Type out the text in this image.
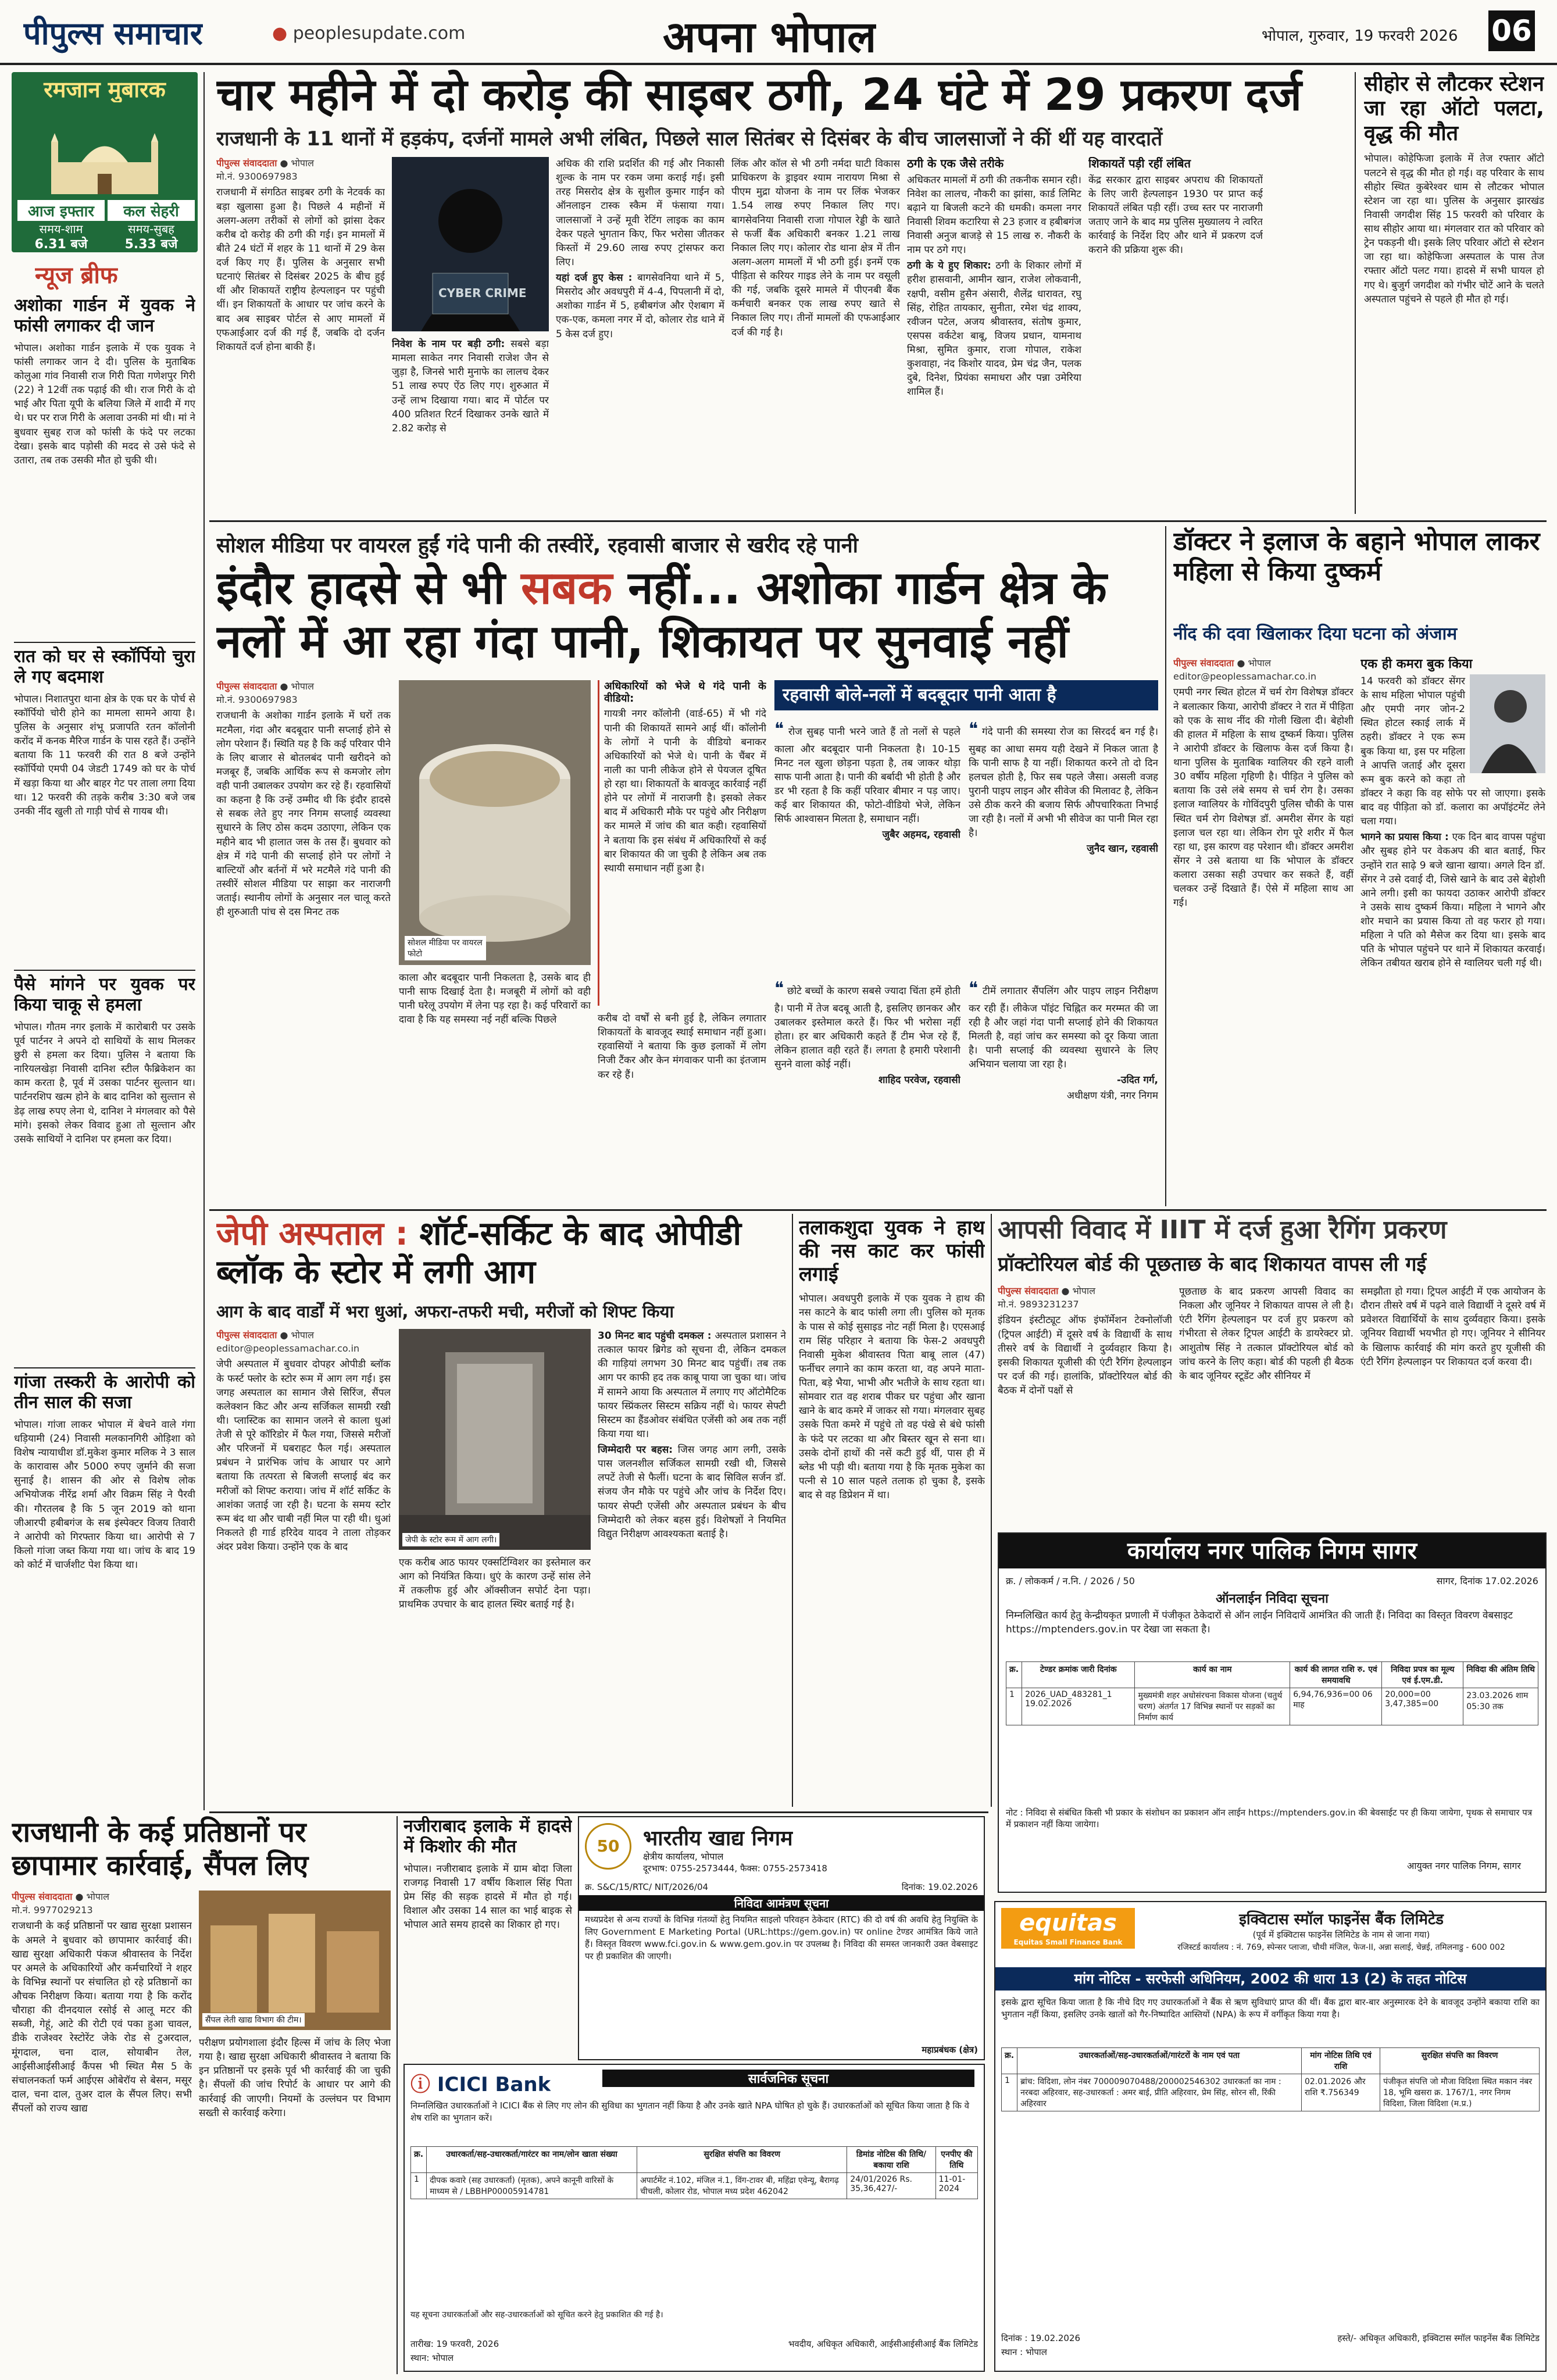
पीपुल्स समाचार	● peoplesupdate.com	अपना भोपाल	भोपाल, गुरुवार, 19 फरवरी 2026 06
रमजान मुबारक
आज इफ्तार	कल सेहरी
समय-शाम	समय-सुबह
6.31 बजे	5.33 बजे
न्यूज ब्रीफ
अशोका गार्डन में युवक ने फांसी लगाकर दी जान

भोपाल। अशोका गार्डन इलाके में एक युवक ने फांसी लगाकर जान दे दी। पुलिस के मुताबिक कोलुआ गांव निवासी राज गिरी पिता गणेशपुर गिरी (22) ने 12वीं तक पढ़ाई की थी। राज गिरी के दो भाई और पिता यूपी के बलिया जिले में शादी में गए थे। घर पर राज गिरी के अलावा उनकी मां थी। मां ने बुधवार सुबह राज को फांसी के फंदे पर लटका देखा। इसके बाद पड़ोसी की मदद से उसे फंदे से उतारा, तब तक उसकी मौत हो चुकी थी।

रात को घर से स्कॉर्पियो चुरा ले गए बदमाश

भोपाल। निशातपुरा थाना क्षेत्र के एक घर के पोर्च से स्कॉर्पियो चोरी होने का मामला सामने आया है। पुलिस के अनुसार शंभू प्रजापति रतन कॉलोनी करोंद में कनक मैरिज गार्डन के पास रहते हैं। उन्होंने बताया कि 11 फरवरी की रात 8 बजे उन्होंने स्कॉर्पियो एमपी 04 जेडटी 1749 को घर के पोर्च में खड़ा किया था और बाहर गेट पर ताला लगा दिया था। 12 फरवरी की तड़के करीब 3:30 बजे जब उनकी नींद खुली तो गाड़ी पोर्च से गायब थी।

पैसे मांगने पर युवक पर किया चाकू से हमला

भोपाल। गौतम नगर इलाके में कारोबारी पर उसके पूर्व पार्टनर ने अपने दो साथियों के साथ मिलकर छुरी से हमला कर दिया। पुलिस ने बताया कि नारियलखेड़ा निवासी दानिश स्टील फैब्रिकेशन का काम करता है, पूर्व में उसका पार्टनर सुल्तान था। पार्टनरशिप खत्म होने के बाद दानिश को सुल्तान से डेढ़ लाख रुपए लेना थे, दानिश ने मंगलवार को पैसे मांगे। इसको लेकर विवाद हुआ तो सुल्तान और उसके साथियों ने दानिश पर हमला कर दिया।

गांजा तस्करी के आरोपी को तीन साल की सजा

भोपाल। गांजा लाकर भोपाल में बेचने वाले गंगा धड़ियामी (24) निवासी मलकानगिरी ओड़िशा को विशेष न्यायाधीश डॉ.मुकेश कुमार मलिक ने 3 साल के कारावास और 5000 रुपए जुर्माने की सजा सुनाई है। शासन की ओर से विशेष लोक अभियोजक नीरेंद्र शर्मा और विक्रम सिंह ने पैरवी की। गौरतलब है कि 5 जून 2019 को थाना जीआरपी हबीबगंज के सब इंस्पेक्टर विजय तिवारी ने आरोपी को गिरफ्तार किया था। आरोपी से 7 किलो गांजा जब्त किया गया था। जांच के बाद 19 को कोर्ट में चार्जशीट पेश किया था।

चार महीने में दो करोड़ की साइबर ठगी, 24 घंटे में 29 प्रकरण दर्ज
राजधानी के 11 थानों में हड़कंप, दर्जनों मामले अभी लंबित, पिछले साल सितंबर से दिसंबर के बीच जालसाजों ने कीं थीं यह वारदातें
पीपुल्स संवाददाता ● भोपाल
मो.नं. 9300697983

राजधानी में संगठित साइबर ठगी के नेटवर्क का बड़ा खुलासा हुआ है। पिछले 4 महीनों में अलग-अलग तरीकों से लोगों को झांसा देकर करीब दो करोड़ की ठगी की गई। इन मामलों में बीते 24 घंटों में शहर के 11 थानों में 29 केस दर्ज किए गए हैं। पुलिस के अनुसार सभी घटनाएं सितंबर से दिसंबर 2025 के बीच हुई थीं और शिकायतें राष्ट्रीय हेल्पलाइन पर पहुंची थीं। इन शिकायतों के आधार पर जांच करने के बाद अब साइबर पोर्टल से आए मामलों में एफआईआर दर्ज की गई हैं, जबकि दो दर्जन शिकायतें दर्ज होना बाकी हैं।

CYBER CRIME

निवेश के नाम पर बड़ी ठगी: सबसे बड़ा मामला साकेत नगर निवासी राजेश जैन से जुड़ा है, जिनसे भारी मुनाफे का लालच देकर 51 लाख रुपए ऐंठ लिए गए। शुरुआत में उन्हें लाभ दिखाया गया। बाद में पोर्टल पर 400 प्रतिशत रिटर्न दिखाकर उनके खाते में 2.82 करोड़ से

अधिक की राशि प्रदर्शित की गई और निकासी शुल्क के नाम पर रकम जमा कराई गई। इसी तरह मिसरोद क्षेत्र के सुशील कुमार गाईन को ऑनलाइन टास्क स्कैम में फंसाया गया। जालसाजों ने उन्हें मूवी रेटिंग लाइक का काम देकर पहले भुगतान किए, फिर भरोसा जीतकर किस्तों में 29.60 लाख रुपए ट्रांसफर करा लिए।

यहां दर्ज हुए केस : बागसेवनिया थाने में 5, मिसरोद और अवधपुरी में 4-4, पिपलानी में दो, अशोका गार्डन में 5, हबीबगंज और ऐशबाग में एक-एक, कमला नगर में दो, कोलार रोड थाने में 5 केस दर्ज हुए।

लिंक और कॉल से भी ठगी नर्मदा घाटी विकास प्राधिकरण के ड्राइवर श्याम नारायण मिश्रा से पीएम मुद्रा योजना के नाम पर लिंक भेजकर 1.54 लाख रुपए निकाल लिए गए। बागसेवनिया निवासी राजा गोपाल रेड्डी के खाते से फर्जी बैंक अधिकारी बनकर 1.21 लाख निकाल लिए गए। कोलार रोड थाना क्षेत्र में तीन अलग-अलग मामलों में भी ठगी हुई। इनमें एक पीड़िता से करियर गाइड लेने के नाम पर वसूली की गई, जबकि दूसरे मामले में पीएनबी बैंक कर्मचारी बनकर एक लाख रुपए खाते से निकाल लिए गए। तीनों मामलों की एफआईआर दर्ज की गई है।

ठगी के एक जैसे तरीके

अधिकतर मामलों में ठगी की तकनीक समान रही। निवेश का लालच, नौकरी का झांसा, कार्ड लिमिट बढ़ाने या बिजली कटने की धमकी। कमला नगर निवासी शिवम कटारिया से 23 हजार व हबीबगंज निवासी अनुज बाजड़े से 15 लाख रु. नौकरी के नाम पर ठगे गए।

ठगी के ये हुए शिकार: ठगी के शिकार लोगों में हरीश हासवानी, आमीन खान, राजेश लोकवानी, रक्षपी, वसीम हुसैन अंसारी, शैलेंद्र धारावत, रघु सिंह, रोहित तायकार, सुनीता, रमेश चंद्र शाक्य, रवीजन पटेल, अजय श्रीवास्तव, संतोष कुमार, एसपस वर्कटेश बाबू, विजय प्रधान, यामनाथ मिश्रा, सुमित कुमार, राजा गोपाल, राकेश कुशवाहा, नंद किशोर यादव, प्रेम चंद्र जैन, पलक दुबे, दिनेश, प्रियंका समाधरा और पन्ना उमेरिया शामिल हैं।

शिकायतें पड़ी रहीं लंबित

केंद्र सरकार द्वारा साइबर अपराध की शिकायतों के लिए जारी हेल्पलाइन 1930 पर प्राप्त कई शिकायतें लंबित पड़ी रहीं। उच्च स्तर पर नाराजगी जताए जाने के बाद मप्र पुलिस मुख्यालय ने त्वरित कार्रवाई के निर्देश दिए और थाने में प्रकरण दर्ज कराने की प्रक्रिया शुरू की।

सीहोर से लौटकर स्टेशन जा रहा ऑटो पलटा, वृद्ध की मौत

भोपाल। कोहेफिजा इलाके में तेज रफ्तार ऑटो पलटने से वृद्ध की मौत हो गई। वह परिवार के साथ सीहोर स्थित कुबेरेश्वर धाम से लौटकर भोपाल स्टेशन जा रहा था। पुलिस के अनुसार झारखंड निवासी जगदीश सिंह 15 फरवरी को परिवार के साथ सीहोर आया था। मंगलवार रात को परिवार को ट्रेन पकड़नी थी। इसके लिए परिवार ऑटो से स्टेशन जा रहा था। कोहेफिजा अस्पताल के पास तेज रफ्तार ऑटो पलट गया। हादसे में सभी घायल हो गए थे। बुजुर्ग जगदीश को गंभीर चोटें आने के चलते अस्पताल पहुंचने से पहले ही मौत हो गई।

सोशल मीडिया पर वायरल हुईं गंदे पानी की तस्वीरें, रहवासी बाजार से खरीद रहे पानी
इंदौर हादसे से भी सबक नहीं... अशोका गार्डन क्षेत्र के नलों में आ रहा गंदा पानी, शिकायत पर सुनवाई नहीं
पीपुल्स संवाददाता ● भोपाल
मो.नं. 9300697983

राजधानी के अशोका गार्डन इलाके में घरों तक मटमैला, गंदा और बदबूदार पानी सप्लाई होने से लोग परेशान हैं। स्थिति यह है कि कई परिवार पीने के लिए बाजार से बोतलबंद पानी खरीदने को मजबूर हैं, जबकि आर्थिक रूप से कमजोर लोग वही पानी उबालकर उपयोग कर रहे हैं। रहवासियों का कहना है कि उन्हें उम्मीद थी कि इंदौर हादसे से सबक लेते हुए नगर निगम सप्लाई व्यवस्था सुधारने के लिए ठोस कदम उठाएगा, लेकिन एक महीने बाद भी हालात जस के तस हैं। बुधवार को क्षेत्र में गंदे पानी की सप्लाई होने पर लोगों ने बाल्टियों और बर्तनों में भरे मटमैले गंदे पानी की तस्वीरें सोशल मीडिया पर साझा कर नाराजगी जताई। स्थानीय लोगों के अनुसार नल चालू करते ही शुरुआती पांच से दस मिनट तक

सोशल मीडिया पर वायरल फोटो

काला और बदबूदार पानी निकलता है, उसके बाद ही पानी साफ दिखाई देता है। मजबूरी में लोगों को वही पानी घरेलू उपयोग में लेना पड़ रहा है। कई परिवारों का दावा है कि यह समस्या नई नहीं बल्कि पिछले

अधिकारियों को भेजे थे गंदे पानी के वीडियो:

गायत्री नगर कॉलोनी (वार्ड-65) में भी गंदे पानी की शिकायतें सामने आई थीं। कॉलोनी के लोगों ने पानी के वीडियो बनाकर अधिकारियों को भेजे थे। पानी के चैंबर में नाली का पानी लीकेज होने से पेयजल दूषित हो रहा था। शिकायतों के बावजूद कार्रवाई नहीं होने पर लोगों में नाराजगी है। इसको लेकर बाद में अधिकारी मौके पर पहुंचे और निरीक्षण कर मामले में जांच की बात कही। रहवासियों ने बताया कि इस संबंध में अधिकारियों से कई बार शिकायत की जा चुकी है लेकिन अब तक स्थायी समाधान नहीं हुआ है।

करीब दो वर्षों से बनी हुई है, लेकिन लगातार शिकायतों के बावजूद स्थाई समाधान नहीं हुआ। रहवासियों ने बताया कि कुछ इलाकों में लोग निजी टैंकर और केन मंगवाकर पानी का इंतजाम कर रहे हैं।

रहवासी बोले-नलों में बदबूदार पानी आता है

❝ रोज सुबह पानी भरने जाते हैं तो नलों से पहले काला और बदबूदार पानी निकलता है। 10-15 मिनट नल खुला छोड़ना पड़ता है, तब जाकर थोड़ा साफ पानी आता है। पानी की बर्बादी भी होती है और डर भी रहता है कि कहीं परिवार बीमार न पड़ जाए। कई बार शिकायत की, फोटो-वीडियो भेजे, लेकिन सिर्फ आश्वासन मिलता है, समाधान नहीं।

जुबैर अहमद, रहवासी

❝ छोटे बच्चों के कारण सबसे ज्यादा चिंता हमें होती है। पानी में तेज बदबू आती है, इसलिए छानकर और उबालकर इस्तेमाल करते हैं। फिर भी भरोसा नहीं होता। हर बार अधिकारी कहते हैं टीम भेज रहे हैं, लेकिन हालात वही रहते हैं। लगता है हमारी परेशानी सुनने वाला कोई नहीं।

शाहिद परवेज, रहवासी

❝ गंदे पानी की समस्या रोज का सिरदर्द बन गई है। सुबह का आधा समय यही देखने में निकल जाता है कि पानी साफ है या नहीं। शिकायत करने तो दो दिन हलचल होती है, फिर सब पहले जैसा। असली वजह पुरानी पाइप लाइन और सीवेज की मिलावट है, लेकिन उसे ठीक करने की बजाय सिर्फ औपचारिकता निभाई जा रही है। नलों में अभी भी सीवेज का पानी मिल रहा है।

जुनैद खान, रहवासी

❝ टीमें लगातार सैंपलिंग और पाइप लाइन निरीक्षण कर रही हैं। लीकेज पॉइंट चिह्नित कर मरम्मत की जा रही है और जहां गंदा पानी सप्लाई होने की शिकायत मिलती है, वहां जांच कर समस्या को दूर किया जाता है। पानी सप्लाई की व्यवस्था सुधारने के लिए अभियान चलाया जा रहा है।

-उदित गर्ग,

अधीक्षण यंत्री, नगर निगम

डॉक्टर ने इलाज के बहाने भोपाल लाकर महिला से किया दुष्कर्म
नींद की दवा खिलाकर दिया घटना को अंजाम
पीपुल्स संवाददाता ● भोपाल
editor@peoplessamachar.co.in

एमपी नगर स्थित होटल में चर्म रोग विशेषज्ञ डॉक्टर ने बलात्कार किया, आरोपी डॉक्टर ने रात में पीड़िता को एक के साथ नींद की गोली खिला दी। बेहोशी की हालत में महिला के साथ दुष्कर्म किया। पुलिस ने आरोपी डॉक्टर के खिलाफ केस दर्ज किया है। थाना पुलिस के मुताबिक ग्वालियर की रहने वाली 30 वर्षीय महिला गृहिणी है। पीड़ित ने पुलिस को बताया कि उसे लंबे समय से चर्म रोग है। उसका इलाज ग्वालियर के गोविंदपुरी पुलिस चौकी के पास स्थित चर्म रोग विशेषज्ञ डॉ. अमरीश सेंगर के यहां इलाज चल रहा था। लेकिन रोग पूरे शरीर में फैल रहा था, इस कारण वह परेशान थी। डॉक्टर अमरीश सेंगर ने उसे बताया था कि भोपाल के डॉक्टर कलारा उसका सही उपचार कर सकते हैं, वहीं चलकर उन्हें दिखाते हैं। ऐसे में महिला साथ आ गई।

एक ही कमरा बुक किया

14 फरवरी को डॉक्टर सेंगर के साथ महिला भोपाल पहुंची और एमपी नगर जोन-2 स्थित होटल स्काई लार्क में ठहरी। डॉक्टर ने एक रूम बुक किया था, इस पर महिला ने आपत्ति जताई और दूसरा रूम बुक करने को कहा तो डॉक्टर ने कहा कि वह सोफे पर सो जाएगा। इसके बाद वह पीड़िता को डॉ. कलारा का अपॉइंटमेंट लेने चला गया।

भागने का प्रयास किया : एक दिन बाद वापस पहुंचा और सुबह होने पर वेकअप की बात बताई, फिर उन्होंने रात साढ़े 9 बजे खाना खाया। अगले दिन डॉ. सेंगर ने उसे दवाई दी, जिसे खाने के बाद उसे बेहोशी आने लगी। इसी का फायदा उठाकर आरोपी डॉक्टर ने उसके साथ दुष्कर्म किया। महिला ने भागने और शोर मचाने का प्रयास किया तो वह फरार हो गया। महिला ने पति को मैसेज कर दिया था। इसके बाद पति के भोपाल पहुंचने पर थाने में शिकायत करवाई। लेकिन तबीयत खराब होने से ग्वालियर चली गई थी।

जेपी अस्पताल : शॉर्ट-सर्किट के बाद ओपीडी ब्लॉक के स्टोर में लगी आग
आग के बाद वार्डों में भरा धुआं, अफरा-तफरी मची, मरीजों को शिफ्ट किया
पीपुल्स संवाददाता ● भोपाल
editor@peoplessamachar.co.in

जेपी अस्पताल में बुधवार दोपहर ओपीडी ब्लॉक के फर्स्ट फ्लोर के स्टोर रूम में आग लग गई। इस जगह अस्पताल का सामान जैसे सिरिंज, सैंपल कलेक्शन किट और अन्य सर्जिकल सामग्री रखी थी। प्लास्टिक का सामान जलने से काला धुआं तेजी से पूरे कॉरिडोर में फैल गया, जिससे मरीजों और परिजनों में घबराहट फैल गई। अस्पताल प्रबंधन ने प्रारंभिक जांच के आधार पर आगे बताया कि तत्परता से बिजली सप्लाई बंद कर मरीजों को शिफ्ट कराया। जांच में शॉर्ट सर्किट के आशंका जताई जा रही है। घटना के समय स्टोर रूम बंद था और चाबी नहीं मिल पा रही थी। धुआं निकलते ही गार्ड हरिदेव यादव ने ताला तोड़कर अंदर प्रवेश किया। उन्होंने एक के बाद

जेपी के स्टोर रूम में आग लगी।

एक करीब आठ फायर एक्सटिंग्विशर का इस्तेमाल कर आग को नियंत्रित किया। धुएं के कारण उन्हें सांस लेने में तकलीफ हुई और ऑक्सीजन सपोर्ट देना पड़ा। प्राथमिक उपचार के बाद हालत स्थिर बताई गई है।

30 मिनट बाद पहुंची दमकल : अस्पताल प्रशासन ने तत्काल फायर ब्रिगेड को सूचना दी, लेकिन दमकल की गाड़ियां लगभग 30 मिनट बाद पहुंचीं। तब तक आग पर काफी हद तक काबू पाया जा चुका था। जांच में सामने आया कि अस्पताल में लगाए गए ऑटोमैटिक फायर स्प्रिंकलर सिस्टम सक्रिय नहीं थे। फायर सेफ्टी सिस्टम का हैंडओवर संबंधित एजेंसी को अब तक नहीं किया गया था।

जिम्मेदारी पर बहस: जिस जगह आग लगी, उसके पास जलनशील सर्जिकल सामग्री रखी थी, जिससे लपटें तेजी से फैलीं। घटना के बाद सिविल सर्जन डॉ. संजय जैन मौके पर पहुंचे और जांच के निर्देश दिए। फायर सेफ्टी एजेंसी और अस्पताल प्रबंधन के बीच जिम्मेदारी को लेकर बहस हुई। विशेषज्ञों ने नियमित विद्युत निरीक्षण आवश्यकता बताई है।

तलाकशुदा युवक ने हाथ की नस काट कर फांसी लगाई

भोपाल। अवधपुरी इलाके में एक युवक ने हाथ की नस काटने के बाद फांसी लगा ली। पुलिस को मृतक के पास से कोई सुसाइड नोट नहीं मिला है। एएसआई राम सिंह परिहार ने बताया कि फेस-2 अवधपुरी निवासी मुकेश श्रीवास्तव पिता बाबू लाल (47) फर्नीचर लगाने का काम करता था, वह अपने माता-पिता, बड़े भैया, भाभी और भतीजे के साथ रहता था। सोमवार रात वह शराब पीकर घर पहुंचा और खाना खाने के बाद कमरे में जाकर सो गया। मंगलवार सुबह उसके पिता कमरे में पहुंचे तो वह पंखे से बंधे फांसी के फंदे पर लटका था और बिस्तर खून से सना था। उसके दोनों हाथों की नसें कटी हुई थीं, पास ही में ब्लेड भी पड़ी थी। बताया गया है कि मृतक मुकेश का पत्नी से 10 साल पहले तलाक हो चुका है, इसके बाद से वह डिप्रेशन में था।

आपसी विवाद में IIIT में दर्ज हुआ रैगिंग प्रकरण
प्रॉक्टोरियल बोर्ड की पूछताछ के बाद शिकायत वापस ली गई
पीपुल्स संवाददाता ● भोपाल
मो.नं. 9893231237

इंडियन इंस्टीट्यूट ऑफ इंफॉर्मेशन टेक्नोलॉजी (ट्रिपल आईटी) में दूसरे वर्ष के विद्यार्थी के साथ तीसरे वर्ष के विद्यार्थी ने दुर्व्यवहार किया है। इसकी शिकायत यूजीसी की एंटी रैगिंग हेल्पलाइन पर दर्ज की गई। हालांकि, प्रॉक्टोरियल बोर्ड की बैठक में दोनों पक्षों से

पूछताछ के बाद प्रकरण आपसी विवाद का निकला और जूनियर ने शिकायत वापस ले ली है। एंटी रैगिंग हेल्पलाइन पर दर्ज हुए प्रकरण को गंभीरता से लेकर ट्रिपल आईटी के डायरेक्टर प्रो. आशुतोष सिंह ने तत्काल प्रॉक्टोरियल बोर्ड को जांच करने के लिए कहा। बोर्ड की पहली ही बैठक के बाद जूनियर स्टूडेंट और सीनियर में

समझौता हो गया। ट्रिपल आईटी में एक आयोजन के दौरान तीसरे वर्ष में पढ़ने वाले विद्यार्थी ने दूसरे वर्ष में प्रवेशरत विद्यार्थियों के साथ दुर्व्यवहार किया। इसके जूनियर विद्यार्थी भयभीत हो गए। जूनियर ने सीनियर के खिलाफ कार्रवाई की मांग करते हुए यूजीसी की एंटी रैगिंग हेल्पलाइन पर शिकायत दर्ज करवा दी।

कार्यालय नगर पालिक निगम सागर
क्र. / लोककर्म / न.नि. / 2026 / 50	सागर, दिनांक 17.02.2026
ऑनलाईन निविदा सूचना
निम्नलिखित कार्य हेतु केन्द्रीयकृत प्रणाली में पंजीकृत ठेकेदारों से ऑन लाईन निविदायें आमंत्रित की जाती हैं। निविदा का विस्तृत विवरण वेबसाइट https://mptenders.gov.in पर देखा जा सकता है।
क्र.	टेण्डर क्रमांक जारी दिनांक	कार्य का नाम	कार्य की लागत राशि रु. एवं समयावधि	निविदा प्रपत्र का मूल्य एवं ई.एम.डी.	निविदा की अंतिम तिथि
1	2026_UAD_483281_1 19.02.2026	मुख्यमंत्री शहर अधोसंरचना विकास योजना (चतुर्थ चरण) अंतर्गत 17 विभिन्न स्थानों पर सड़कों का निर्माण कार्य	6,94,76,936=00 06 माह	20,000=00 3,47,385=00	23.03.2026 शाम 05:30 तक
नोट : निविदा से संबंधित किसी भी प्रकार के संशोधन का प्रकाशन ऑन लाईन https://mptenders.gov.in की बेवसाईट पर ही किया जायेगा, पृथक से समाचार पत्र में प्रकाशन नहीं किया जायेगा।
आयुक्त नगर पालिक निगम, सागर
राजधानी के कई प्रतिष्ठानों पर छापामार कार्रवाई, सैंपल लिए
पीपुल्स संवाददाता ● भोपाल
मो.नं. 9977029213

राजधानी के कई प्रतिष्ठानों पर खाद्य सुरक्षा प्रशासन के अमले ने बुधवार को छापामार कार्रवाई की। खाद्य सुरक्षा अधिकारी पंकज श्रीवास्तव के निर्देश पर अमले के अधिकारियों और कर्मचारियों ने शहर के विभिन्न स्थानों पर संचालित हो रहे प्रतिष्ठानों का औचक निरीक्षण किया। बताया गया है कि करोंद चौराहा की दीनदयाल रसोई से आलू मटर की सब्जी, गेहूं, आटे की रोटी एवं पका हुआ चावल, डीके राजेश्वर रेस्टोरेंट जेके रोड से टुअरदाल, मूंगदाल, चना दाल, सोयाबीन तेल, आईसीआईसीआई कैंपस भी स्थित मैस 5 के संचालनकर्ता फर्म आईएस ओबेरॉय से बेसन, मसूर दाल, चना दाल, तुअर दाल के सैंपल लिए। सभी सैंपलों को राज्य खाद्य

सैंपल लेती खाद्य विभाग की टीम।

परीक्षण प्रयोगशाला इंदौर हिल्स में जांच के लिए भेजा गया है। खाद्य सुरक्षा अधिकारी श्रीवास्तव ने बताया कि इन प्रतिष्ठानों पर इसके पूर्व भी कार्रवाई की जा चुकी है। सैंपलों की जांच रिपोर्ट के आधार पर आगे की कार्रवाई की जाएगी। नियमों के उल्लंघन पर विभाग सख्ती से कार्रवाई करेगा।

नजीराबाद इलाके में हादसे में किशोर की मौत

भोपाल। नजीराबाद इलाके में ग्राम बोदा जिला राजगढ़ निवासी 17 वर्षीय किशाल सिंह पिता प्रेम सिंह की सड़क हादसे में मौत हो गई। विशाल और उसका 14 साल का भाई बाइक से भोपाल आते समय हादसे का शिकार हो गए।

50	भारतीय खाद्य निगम
क्षेत्रीय कार्यालय, भोपाल
दूरभाष: 0755-2573444, फैक्स: 0755-2573418
क्र. S&C/15/RTC/ NIT/2026/04	दिनांक: 19.02.2026
निविदा आमंत्रण सूचना
मध्यप्रदेश से अन्य राज्यों के विभिन्न गंतव्यों हेतु नियमित साइलो परिवहन ठेकेदार (RTC) की दो वर्ष की अवधि हेतु नियुक्ति के लिए Government E Marketing Portal (URL:https://gem.gov.in) पर online टेण्डर आमंत्रित किये जाते हैं। विस्तृत विवरण www.fci.gov.in & www.gem.gov.in पर उपलब्ध है। निविदा की समस्त जानकारी उक्त वेबसाइट पर ही प्रकाशित की जाएगी।
महाप्रबंधक (क्षेत्र)
ⓘ ICICI Bank	सार्वजनिक सूचना
निम्नलिखित उधारकर्ताओं ने ICICI बैंक से लिए गए लोन की सुविधा का भुगतान नहीं किया है और उनके खाते NPA घोषित हो चुके हैं। उधारकर्ताओं को सूचित किया जाता है कि वे शेष राशि का भुगतान करें।
क्र.	उधारकर्ता/सह-उधारकर्ता/गारंटर का नाम/लोन खाता संख्या	सुरक्षित संपत्ति का विवरण	डिमांड नोटिस की तिथि/बकाया राशि	एनपीए की तिथि
1	दीपक कवारे (सह उधारकर्ता) (मृतक), अपने कानूनी वारिसों के माध्यम से / LBBHP00005914781	अपार्टमेंट नं.102, मंजिल नं.1, विंग-टावर बी, महिंद्रा एवेन्यू, बैरागढ़ चीचली, कोलार रोड, भोपाल मध्य प्रदेश 462042	24/01/2026 Rs. 35,36,427/-	11-01-2024
यह सूचना उधारकर्ताओं और सह-उधारकर्ताओं को सूचित करने हेतु प्रकाशित की गई है।
तारीख: 19 फरवरी, 2026
स्थान: भोपाल
भवदीय, अधिकृत अधिकारी, आईसीआईसीआई बैंक लिमिटेड
equitas
Equitas Small Finance Bank
इक्विटास स्मॉल फाइनेंस बैंक लिमिटेड
(पूर्व में इक्विटास फाइनेंस लिमिटेड के नाम से जाना गया)
रजिस्टर्ड कार्यालय : नं. 769, स्पेन्सर प्लाजा, चौथी मंजिल, फेज-II, अन्ना सलाई, चेन्नई, तमिलनाडु - 600 002
मांग नोटिस - सरफेसी अधिनियम, 2002 की धारा 13 (2) के तहत नोटिस
इसके द्वारा सूचित किया जाता है कि नीचे दिए गए उधारकर्ताओं ने बैंक से ऋण सुविधाएं प्राप्त की थीं। बैंक द्वारा बार-बार अनुस्मारक देने के बावजूद उन्होंने बकाया राशि का भुगतान नहीं किया, इसलिए उनके खातों को गैर-निष्पादित आस्तियों (NPA) के रूप में वर्गीकृत किया गया है।
क्र.	उधारकर्ताओं/सह-उधारकर्ताओं/गारंटरों के नाम एवं पता	मांग नोटिस तिथि एवं राशि	सुरक्षित संपत्ति का विवरण
1	ब्रांच: विदिशा, लोन नंबर 700009070488/200002546302 उधारकर्ता का नाम : नरबदा अहिरवार, सह-उधारकर्ता : अमर बाई, प्रीति अहिरवार, प्रेम सिंह, सोरन सी, रिंकी अहिरवार	02.01.2026 और राशि ₹.756349	पंजीकृत संपत्ति जो मौजा विदिशा स्थित मकान नंबर 18, भूमि खसरा क्र. 1767/1, नगर निगम विदिशा, जिला विदिशा (म.प्र.)
दिनांक : 19.02.2026
स्थान : भोपाल
हस्ते/- अधिकृत अधिकारी, इक्विटास स्मॉल फाइनेंस बैंक लिमिटेड
